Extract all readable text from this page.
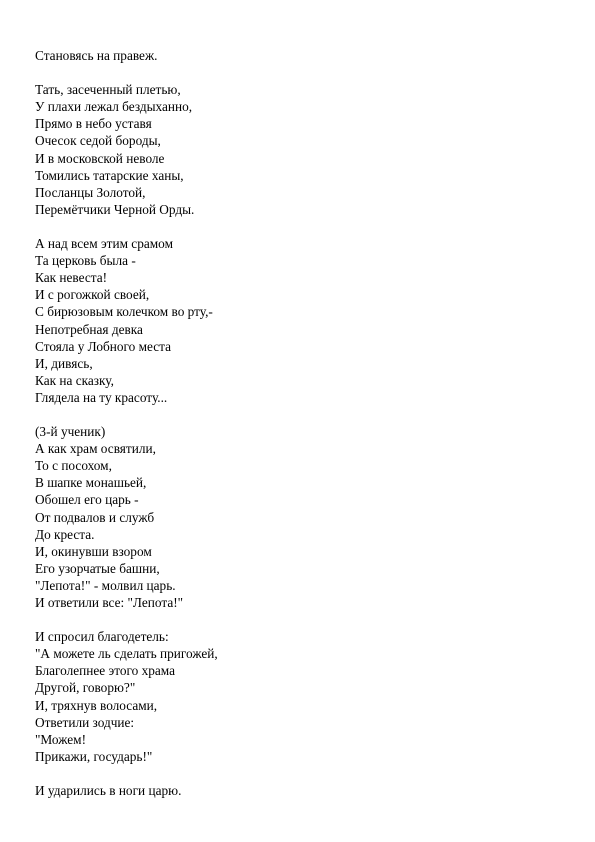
Становясь на правеж.
Тать, засеченный плетью,
У плахи лежал бездыханно,
Прямо в небо уставя
Очесок седой бороды,
И в московской неволе
Томились татарские ханы,
Посланцы Золотой,
Перемётчики Черной Орды.
А над всем этим срамом
Та церковь была -
Как невеста!
И с рогожкой своей,
С бирюзовым колечком во рту,-
Непотребная девка
Стояла у Лобного места
И, дивясь,
Как на сказку,
Глядела на ту красоту...
(3-й ученик)
А как храм освятили,
То с посохом,
В шапке монашьей,
Обошел его царь -
От подвалов и служб
До креста.
И, окинувши взором
Его узорчатые башни,
"Лепота!" - молвил царь.
И ответили все: "Лепота!"
И спросил благодетель:
"А можете ль сделать пригожей,
Благолепнее этого храма
Другой, говорю?"
И, тряхнув волосами,
Ответили зодчие:
"Можем!
Прикажи, государь!"
И ударились в ноги царю.
